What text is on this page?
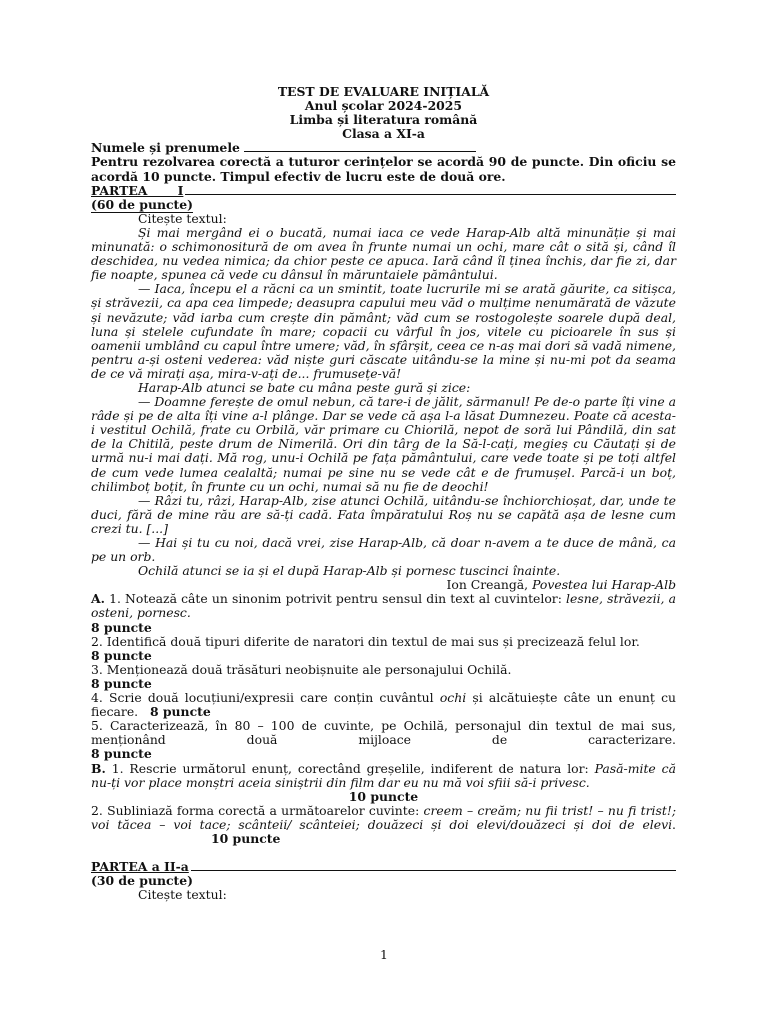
TEST DE EVALUARE INIȚIALĂ

Anul școlar 2024-2025

Limba și literatura română

Clasa a XI-a

Numele și prenumele

Pentru rezolvarea corectă a tuturor cerințelor se acordă 90 de puncte. Din oficiu se acordă 10 puncte. Timpul efectiv de lucru este de două ore.

PARTEA       I

(60 de puncte)

Citește textul:

Și mai mergând ei o bucată, numai iaca ce vede Harap-Alb altă minunăție și mai minunată: o schimonositură de om avea în frunte numai un ochi, mare cât o sită și, când îl deschidea, nu vedea nimica; da chior peste ce apuca. Iară când îl ținea închis, dar fie zi, dar fie noapte, spunea că vede cu dânsul în măruntaiele pământului.

— Iaca, începu el a răcni ca un smintit, toate lucrurile mi se arată găurite, ca sitișca, și străvezii, ca apa cea limpede; deasupra capului meu văd o mulțime nenumărată de văzute și nevăzute; văd iarba cum crește din pământ; văd cum se rostogolește soarele după deal, luna și stelele cufundate în mare; copacii cu vârful în jos, vitele cu picioarele în sus și oamenii umblând cu capul între umere; văd, în sfârșit, ceea ce n-aș mai dori să vadă nimene, pentru a-și osteni vederea: văd niște guri căscate uitându-se la mine și nu-mi pot da seama de ce vă mirați așa, mira-v-ați de... frumusețe-vă!

Harap-Alb atunci se bate cu mâna peste gură și zice:

— Doamne ferește de omul nebun, că tare-i de jălit, sărmanul! Pe de-o parte îți vine a râde și pe de alta îți vine a-l plânge. Dar se vede că așa l-a lăsat Dumnezeu. Poate că acesta-i vestitul Ochilă, frate cu Orbilă, văr primare cu Chiorilă, nepot de soră lui Pândilă, din sat de la Chitilă, peste drum de Nimerilă. Ori din târg de la Să-l-cați, megieș cu Căutați și de urmă nu-i mai dați. Mă rog, unu-i Ochilă pe fața pământului, care vede toate și pe toți altfel de cum vede lumea cealaltă; numai pe sine nu se vede cât e de frumușel. Parcă-i un boț, chilimboț boțit, în frunte cu un ochi, numai să nu fie de deochi!

— Râzi tu, râzi, Harap-Alb, zise atunci Ochilă, uitându-se închiorchioșat, dar, unde te duci, fără de mine rău are să-ți cadă. Fata împăratului Roș nu se capătă așa de lesne cum crezi tu. [...]

— Hai și tu cu noi, dacă vrei, zise Harap-Alb, că doar n-avem a te duce de mână, ca pe un orb.

Ochilă atunci se ia și el după Harap-Alb și pornesc tuscinci înainte.

Ion Creangă, Povestea lui Harap-Alb

A. 1. Notează câte un sinonim potrivit pentru sensul din text al cuvintelor: lesne, străvezii, a osteni, pornesc.

8 puncte

2. Identifică două tipuri diferite de naratori din textul de mai sus și precizează felul lor.

8 puncte

3. Menționează două trăsături neobișnuite ale personajului Ochilă.

8 puncte

4. Scrie două locuțiuni/expresii care conțin cuvântul ochi și alcătuiește câte un enunț cu fiecare. 8 puncte

5. Caracterizează, în 80 – 100 de cuvinte, pe Ochilă, personajul din textul de mai sus,

menționând	două	mijloace	de	caracterizare.

8 puncte

B. 1. Rescrie următorul enunț, corectând greșelile, indiferent de natura lor: Pasă-mite că nu-ți vor place monștri aceia siniștrii din film dar eu nu mă voi sfiii să-i privesc.

10 puncte

2. Subliniază forma corectă a următoarelor cuvinte: creem – creăm; nu fii trist! – nu fi trist!; voi tăcea – voi tace; scânteii/ scânteiei; douăzeci și doi elevi/douăzeci și doi de elevi.10 puncte

PARTEA a II-a

(30 de puncte)

Citește textul:

1
